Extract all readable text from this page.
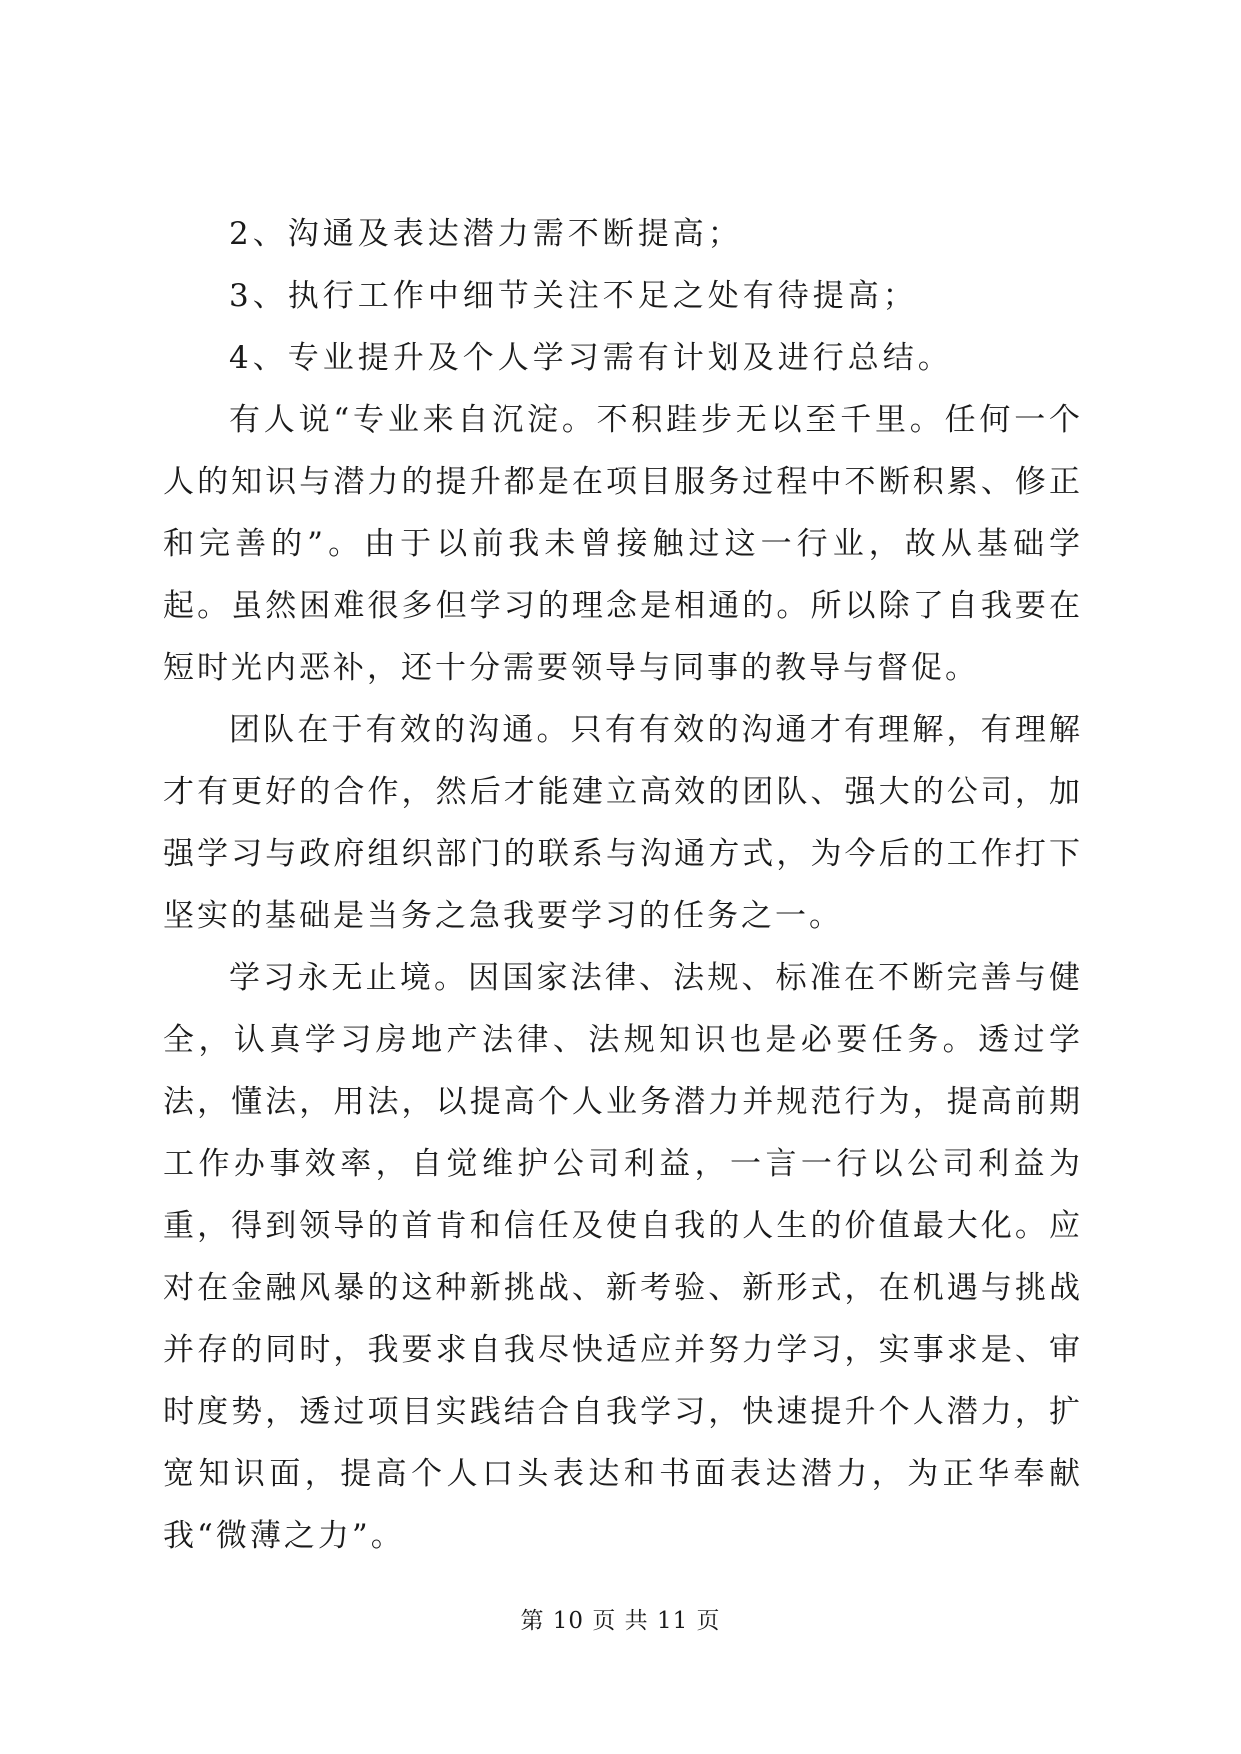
2、沟通及表达潜力需不断提高；

3、执行工作中细节关注不足之处有待提高；

4、专业提升及个人学习需有计划及进行总结。

有人说“专业来自沉淀。不积跬步无以至千里。任何一个人的知识与潜力的提升都是在项目服务过程中不断积累、修正和完善的”。由于以前我未曾接触过这一行业，故从基础学起。虽然困难很多但学习的理念是相通的。所以除了自我要在短时光内恶补，还十分需要领导与同事的教导与督促。

团队在于有效的沟通。只有有效的沟通才有理解，有理解才有更好的合作，然后才能建立高效的团队、强大的公司，加强学习与政府组织部门的联系与沟通方式，为今后的工作打下坚实的基础是当务之急我要学习的任务之一。

学习永无止境。因国家法律、法规、标准在不断完善与健全，认真学习房地产法律、法规知识也是必要任务。透过学法，懂法，用法，以提高个人业务潜力并规范行为，提高前期工作办事效率，自觉维护公司利益，一言一行以公司利益为重，得到领导的首肯和信任及使自我的人生的价值最大化。应对在金融风暴的这种新挑战、新考验、新形式，在机遇与挑战并存的同时，我要求自我尽快适应并努力学习，实事求是、审时度势，透过项目实践结合自我学习，快速提升个人潜力，扩宽知识面，提高个人口头表达和书面表达潜力，为正华奉献我“微薄之力”。

第 10 页 共 11 页
